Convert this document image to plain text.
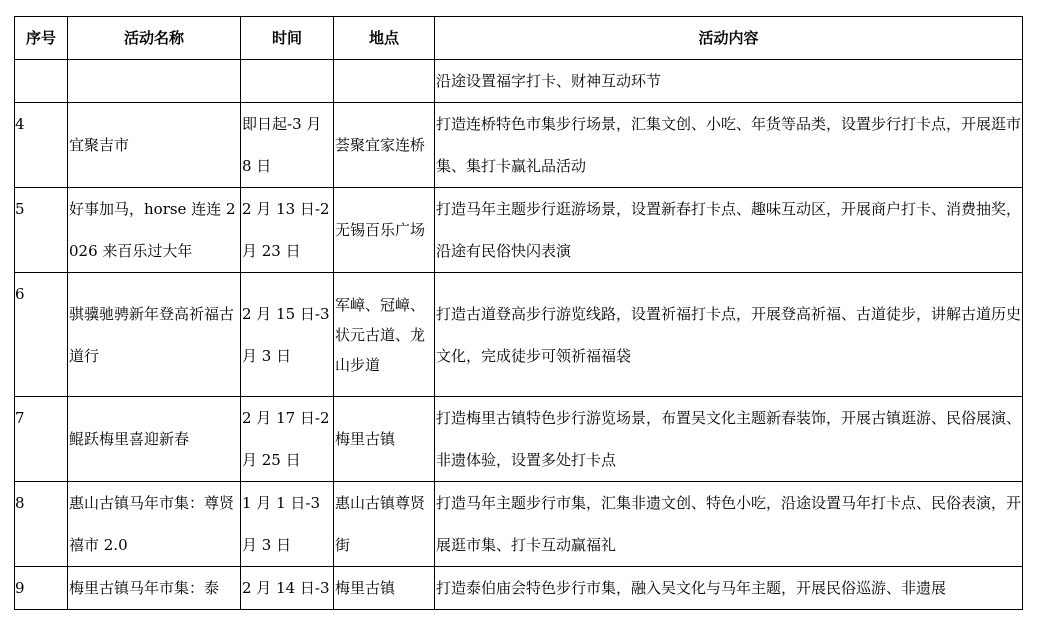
序号	活动名称	时间	地点	活动内容
				沿途设置福字打卡、财神互动环节
4	宜聚吉市	即日起-3 月 8 日	荟聚宜家连桥	打造连桥特色市集步行场景，汇集文创、小吃、年货等品类，设置步行打卡点，开展逛市集、集打卡赢礼品活动
5	好事加马，horse 连连 2026 来百乐过大年	2 月 13 日-2 月 23 日	无锡百乐广场	打造马年主题步行逛游场景，设置新春打卡点、趣味互动区，开展商户打卡、消费抽奖，沿途有民俗快闪表演
6	骐骥驰骋新年登高祈福古道行	2 月 15 日-3 月 3 日	军嶂、冠嶂、状元古道、龙山步道	打造古道登高步行游览线路，设置祈福打卡点，开展登高祈福、古道徒步，讲解古道历史文化，完成徒步可领祈福福袋
7	鲲跃梅里喜迎新春	2 月 17 日-2 月 25 日	梅里古镇	打造梅里古镇特色步行游览场景，布置吴文化主题新春装饰，开展古镇逛游、民俗展演、非遗体验，设置多处打卡点
8	惠山古镇马年市集：尊贤禧市 2.0	1 月 1 日-3 月 3 日	惠山古镇尊贤街	打造马年主题步行市集，汇集非遗文创、特色小吃，沿途设置马年打卡点、民俗表演，开展逛市集、打卡互动赢福礼
9	梅里古镇马年市集：泰	2 月 14 日-3	梅里古镇	打造泰伯庙会特色步行市集，融入吴文化与马年主题，开展民俗巡游、非遗展
